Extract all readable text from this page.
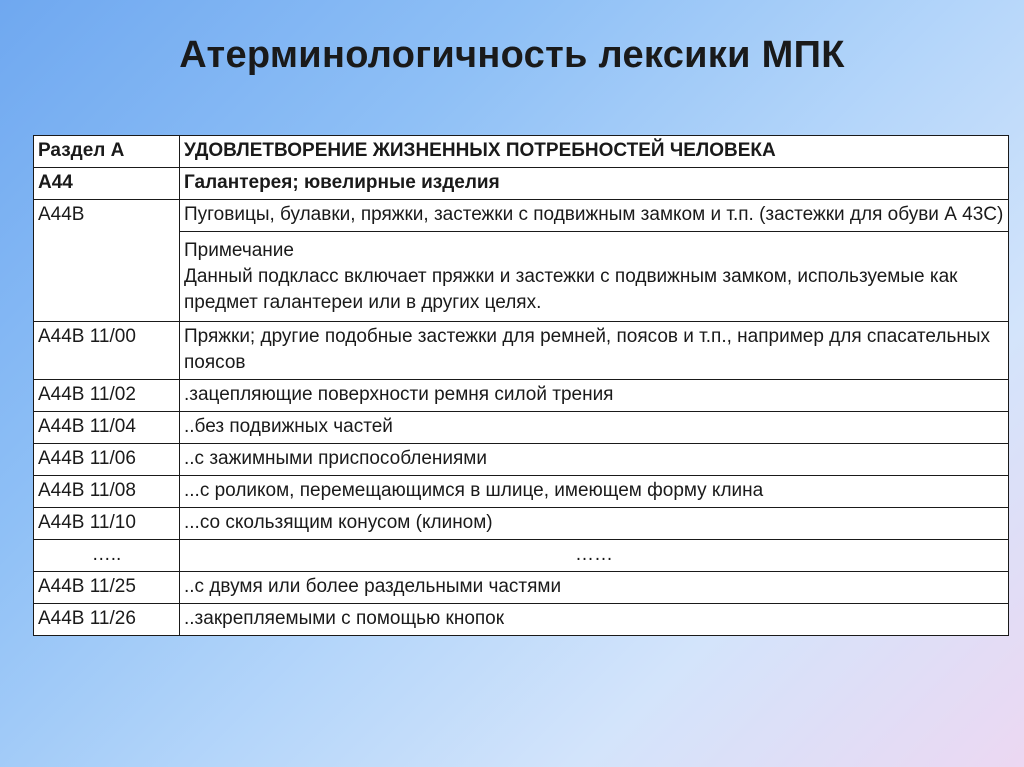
Атерминологичность лексики МПК
Раздел А	УДОВЛЕТВОРЕНИЕ ЖИЗНЕННЫХ ПОТРЕБНОСТЕЙ ЧЕЛОВЕКА
А44	Галантерея; ювелирные изделия
А44В	Пуговицы, булавки, пряжки, застежки с подвижным замком и т.п. (застежки для обуви А 43С)

	Примечание
Данный подкласс включает пряжки и застежки с подвижным замком, используемые как предмет галантереи или в других целях.

А44В 11/00	Пряжки; другие подобные застежки для ремней, поясов и т.п., например для спасательных поясов
А44В 11/02	.зацепляющие поверхности ремня силой трения
А44В 11/04	..без подвижных частей
А44В 11/06	..с зажимными приспособлениями
А44В 11/08	...с роликом, перемещающимся в шлице, имеющем форму клина
А44В 11/10	...со скользящим конусом (клином)
…..	……
А44В 11/25	..с двумя или более раздельными частями
А44В 11/26	..закрепляемыми с помощью кнопок
